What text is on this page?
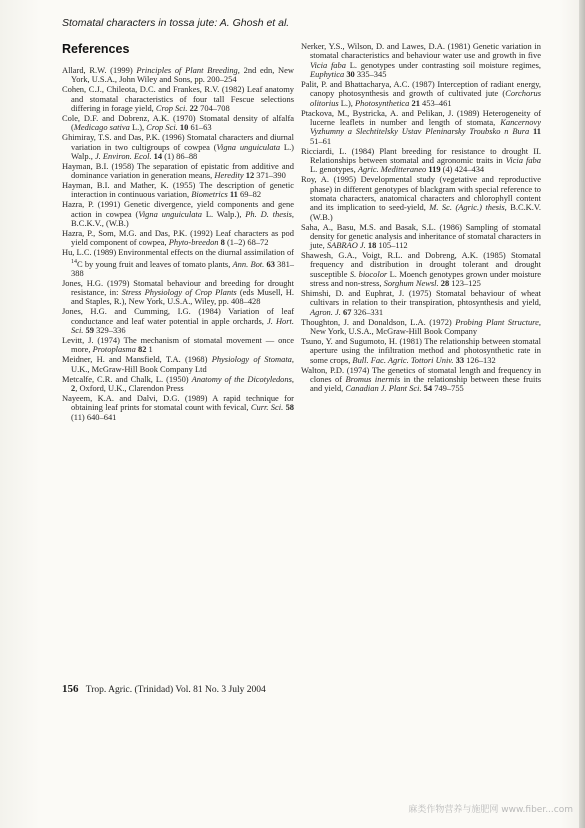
Stomatal characters in tossa jute: A. Ghosh et al.
References

Allard, R.W. (1999) Principles of Plant Breeding, 2nd edn, New York, U.S.A., John Wiley and Sons, pp. 200–254

Cohen, C.J., Chileota, D.C. and Frankes, R.V. (1982) Leaf anatomy and stomatal characteristics of four tall Fescue selections differing in forage yield, Crop Sci. 22 704–708

Cole, D.F. and Dobrenz, A.K. (1970) Stomatal density of alfalfa (Medicago sativa L.), Crop Sci. 10 61–63

Ghimiray, T.S. and Das, P.K. (1996) Stomatal characters and diurnal variation in two cultigroups of cowpea (Vigna unguiculata L.) Walp., J. Environ. Ecol. 14 (1) 86–88

Hayman, B.I. (1958) The separation of epistatic from additive and dominance variation in generation means, Heredity 12 371–390

Hayman, B.I. and Mather, K. (1955) The description of genetic interaction in continuous variation, Biometrics 11 69–82

Hazra, P. (1991) Genetic divergence, yield components and gene action in cowpea (Vigna unguiculata L. Walp.), Ph. D. thesis, B.C.K.V., (W.B.)

Hazra, P., Som, M.G. and Das, P.K. (1992) Leaf characters as pod yield component of cowpea, Phyto-breedon 8 (1–2) 68–72

Hu, L.C. (1989) Environmental effects on the diurnal assimilation of $^{14}$C by young fruit and leaves of tomato plants, Ann. Bot. 63 381–388

Jones, H.G. (1979) Stomatal behaviour and breeding for drought resistance, in: Stress Physiology of Crop Plants (eds Musell, H. and Staples, R.), New York, U.S.A., Wiley, pp. 408–428

Jones, H.G. and Cumming, I.G. (1984) Variation of leaf conductance and leaf water potential in apple orchards, J. Hort. Sci. 59 329–336

Levitt, J. (1974) The mechanism of stomatal movement — once more, Protoplasma 82 1

Meidner, H. and Mansfield, T.A. (1968) Physiology of Stomata, U.K., McGraw-Hill Book Company Ltd

Metcalfe, C.R. and Chalk, L. (1950) Anatomy of the Dicotyledons, 2, Oxford, U.K., Clarendon Press

Nayeem, K.A. and Dalvi, D.G. (1989) A rapid technique for obtaining leaf prints for stomatal count with fevical, Curr. Sci. 58 (11) 640–641

Nerker, Y.S., Wilson, D. and Lawes, D.A. (1981) Genetic variation in stomatal characteristics and behaviour water use and growth in five Vicia faba L. genotypes under contrasting soil moisture regimes, Euphytica 30 335–345

Palit, P. and Bhattacharya, A.C. (1987) Interception of radiant energy, canopy photosynthesis and growth of cultivated jute (Corchorus olitorius L.), Photosynthetica 21 453–461

Ptackova, M., Bystricka, A. and Pelikan, J. (1989) Heterogeneity of lucerne leaflets in number and length of stomata, Kancernovy Vyzhumny a Slechtitelsky Ustav Pleninarsky Troubsko n Bura 11 51–61

Ricciardi, L. (1984) Plant breeding for resistance to drought II. Relationships between stomatal and agronomic traits in Vicia faba L. genotypes, Agric. Meditteraneo 119 (4) 424–434

Roy, A. (1995) Developmental study (vegetative and reproductive phase) in different genotypes of blackgram with special reference to stomata characters, anatomical characters and chlorophyll content and its implication to seed-yield, M. Sc. (Agric.) thesis, B.C.K.V. (W.B.)

Saha, A., Basu, M.S. and Basak, S.L. (1986) Sampling of stomatal density for genetic analysis and inheritance of stomatal characters in jute, SABRAO J. 18 105–112

Shawesh, G.A., Voigt, R.L. and Dobreng, A.K. (1985) Stomatal frequency and distribution in drought tolerant and drought susceptible S. biocolor L. Moench genotypes grown under moisture stress and non-stress, Sorghum Newsl. 28 123–125

Shimshi, D. and Euphrat, J. (1975) Stomatal behaviour of wheat cultivars in relation to their transpiration, phtosynthesis and yield, Agron. J. 67 326–331

Thoughton, J. and Donaldson, L.A. (1972) Probing Plant Structure, New York, U.S.A., McGraw-Hill Book Company

Tsuno, Y. and Sugumoto, H. (1981) The relationship between stomatal aperture using the infiltration method and photosynthetic rate in some crops, Bull. Fac. Agric. Tottori Univ. 33 126–132

Walton, P.D. (1974) The genetics of stomatal length and frequency in clones of Bromus inermis in the relationship between these fruits and yield, Canadian J. Plant Sci. 54 749–755

156 Trop. Agric. (Trinidad) Vol. 81 No. 3 July 2004
麻类作物营养与施肥网 www.fiber...com
